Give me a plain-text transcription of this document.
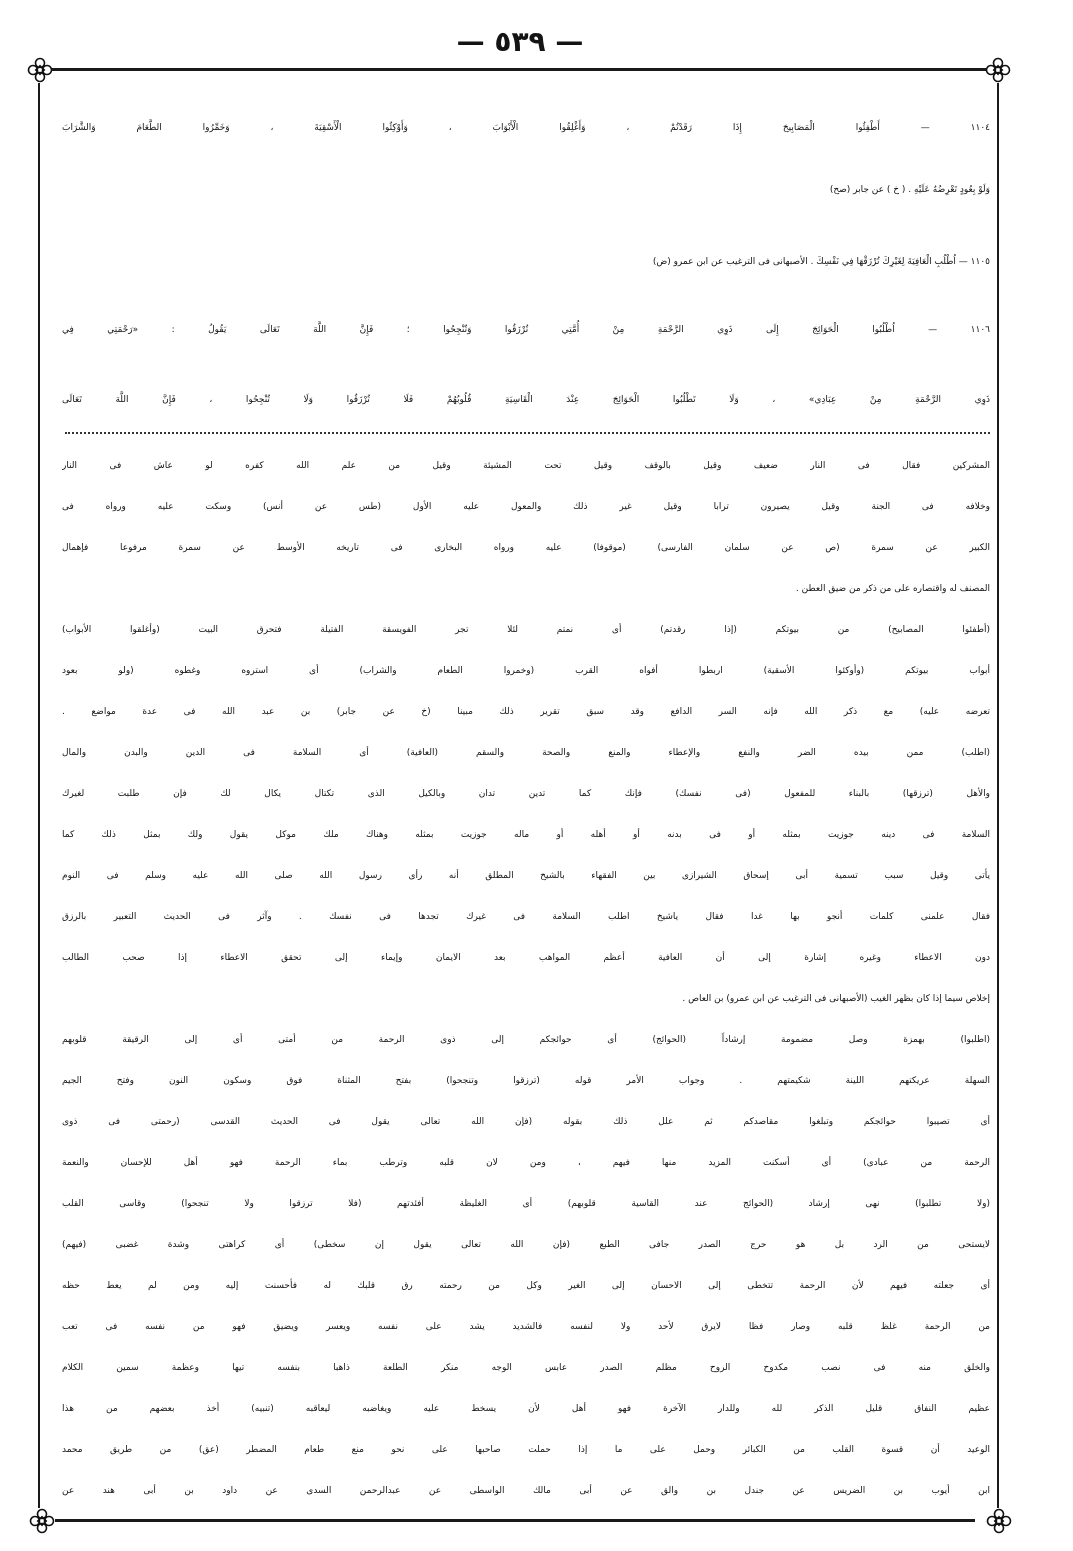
— ٥٣٩ —
١١٠٤ — أَطْفِئُوا الْمَصَابِيحَ إِذَا رَقَدْتُمْ ، وَأَغْلِقُوا الْأَبْوَابَ ، وَأَوْكِئُوا الْأَسْقِيَةَ ، وَخَمِّرُوا الطَّعَامَ وَالشَّرَابَ
وَلَوْ بِعُودٍ تَعْرِضُهُ عَلَيْهِ . ( خ ) عن جابر (صح)
١١٠٥ — اُطْلُبِ الْعَافِيَةَ لِغَيْرِكَ تُرْزَقْهَا فِي نَفْسِكَ . الأصبهانى فى الترغيب عن ابن عمرو (ض)
١١٠٦ — اُطْلُبُوا الْحَوَائِجَ إِلَى ذَوِي الرَّحْمَةِ مِنْ أُمَّتِي تُرْزَقُوا وَتُنْجِحُوا ؛ فَإِنَّ اللَّهَ تَعَالَى يَقُولُ : «رَحْمَتِي فِي
ذَوِي الرَّحْمَةِ مِنْ عِبَادِي» ، وَلَا تَطْلُبُوا الْحَوَائِجَ عِنْدَ الْقَاسِيَةِ قُلُوبُهُمْ فَلَا تُرْزَقُوا وَلَا تُنْجِحُوا ، فَإِنَّ اللَّهَ تَعَالَى
المشركين فقال فى النار ضعيف وقيل بالوقف وقيل تحت المشيئة وقيل من علم الله كفره لو عاش فى النار
وخلافه فى الجنة وقيل يصيرون ترابا وقيل غير ذلك والمعول عليه الأول (طس عن أنس) وسكت عليه ورواه فى
الكبير عن سمرة (ص عن سلمان الفارسى) (موقوفا) عليه ورواه البخارى فى تاريخه الأوسط عن سمرة مرفوعا فإهمال
المصنف له واقتصاره على من ذكر من ضيق العطن .
(أطفئوا المصابيح) من بيوتكم (إذا رقدتم) أى نمتم لئلا تجر الفويسقة الفتيلة فتحرق البيت (وأغلقوا الأبواب)
أبواب بيوتكم (وأوكئوا الأسقية) اربطوا أفواه القرب (وخمروا الطعام والشراب) أى استروه وغطوه (ولو بعود
تعرضه عليه) مع ذكر الله فإنه السر الدافع وقد سبق تقرير ذلك مبينا (خ عن جابر) بن عبد الله فى عدة مواضع .
(اطلب) ممن بيده الضر والنفع والإعطاء والمنع والصحة والسقم (العافية) أى السلامة فى الدين والبدن والمال
والأهل (ترزقها) بالبناء للمفعول (فى نفسك) فإنك كما تدين تدان وبالكيل الذى تكتال يكال لك فإن طلبت لغيرك
السلامة فى دينه جوزيت بمثله أو فى بدنه أو أهله أو ماله جوزيت بمثله وهناك ملك موكل يقول ولك بمثل ذلك كما
يأتى وقيل سبب تسمية أبى إسحاق الشيرازى بين الفقهاء بالشيخ المطلق أنه رأى رسول الله صلى الله عليه وسلم فى النوم
فقال علمنى كلمات أنجو بها غدا فقال ياشيخ اطلب السلامة فى غيرك تجدها فى نفسك . وآثر فى الحديث التعبير بالرزق
دون الاعطاء وغيره إشارة إلى أن العافية أعظم المواهب بعد الايمان وإيماء إلى تحقق الاعطاء إذا صحب الطالب
إخلاص سيما إذا كان بظهر الغيب (الأصبهانى فى الترغيب عن ابن عمرو) بن العاص .
(اطلبوا) بهمزة وصل مضمومة إرشاداً (الحوائج) أى حوائجكم إلى ذوى الرحمة من أمتى أى إلى الرقيقة قلوبهم
السهلة عريكتهم اللينة شكيمتهم . وجواب الأمر قوله (ترزقوا وتنجحوا) بفتح المثناة فوق وسكون النون وفتح الجيم
أى تصيبوا حوائجكم وتبلغوا مقاصدكم ثم علل ذلك بقوله (فإن الله تعالى يقول فى الحديث القدسى (رحمتى فى ذوى
الرحمة من عبادى) أى أسكنت المزيد منها فيهم ، ومن لان قلبه وترطب بماء الرحمة فهو أهل للإحسان والنعمة
(ولا تطلبوا) نهى إرشاد (الحوائج عند القاسية قلوبهم) أى الغليظة أفئدتهم (فلا ترزقوا ولا تنجحوا) وقاسى القلب
لايستحى من الرد بل هو حرج الصدر جافى الطبع (فإن الله تعالى يقول إن سخطى) أى كراهتى وشدة غضبى (فيهم)
أى جعلته فيهم لأن الرحمة تتخطى إلى الاحسان إلى الغير وكل من رحمته رق قلبك له فأحسنت إليه ومن لم يعط حظه
من الرحمة غلظ قلبه وصار فظا لايرق لأحد ولا لنفسه فالشديد يشد على نفسه ويعسر ويضيق فهو من نفسه فى تعب
والخلق منه فى نصب مكدوح الروح مظلم الصدر عابس الوجه منكر الطلعة ذاهبا بنفسه تيها وعظمة سمين الكلام
عظيم النفاق قليل الذكر لله وللدار الآخرة فهو أهل لأن يسخط عليه ويغاضبه ليعاقبه (تنبيه) أخذ بعضهم من هذا
الوعيد أن قسوة القلب من الكبائر وحمل على ما إذا حملت صاحبها على نحو منع طعام المضطر (عق) من طريق محمد
ابن أيوب بن الضريس عن جندل بن والق عن أبى مالك الواسطى عن عبدالرحمن السدى عن داود بن أبى هند عن
